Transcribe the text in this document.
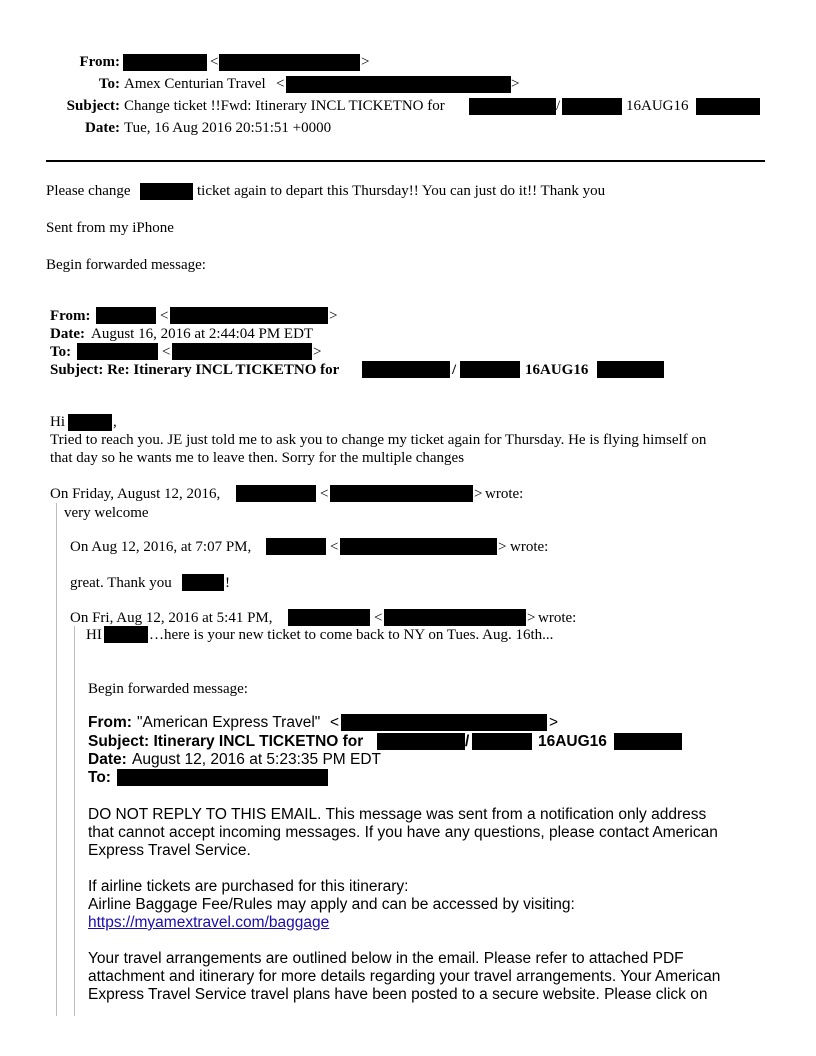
From:	<	>
To: Amex Centurian Travel <	>
Subject: Change ticket !!Fwd: Itinerary INCL TICKETNO for	/	16AUG16
Date: Tue, 16 Aug 2016 20:51:51 +0000
Please change	ticket again to depart this Thursday!! You can just do it!! Thank you
Sent from my iPhone
Begin forwarded message:
From:	<	>
Date: August 16, 2016 at 2:44:04 PM EDT
To:	<	>
Subject: Re: Itinerary INCL TICKETNO for	/	16AUG16
Hi	,
Tried to reach you. JE just told me to ask you to change my ticket again for Thursday. He is flying himself on
that day so he wants me to leave then. Sorry for the multiple changes
On Friday, August 12, 2016,	<	> wrote:
very welcome
On Aug 12, 2016, at 7:07 PM,	<	> wrote:
great. Thank you	!
On Fri, Aug 12, 2016 at 5:41 PM,	<	> wrote:
HI	…here is your new ticket to come back to NY on Tues. Aug. 16th...
Begin forwarded message:
From: "American Express Travel" <	>
Subject: Itinerary INCL TICKETNO for	/	16AUG16
Date: August 12, 2016 at 5:23:35 PM EDT
To:
DO NOT REPLY TO THIS EMAIL. This message was sent from a notification only address
that cannot accept incoming messages. If you have any questions, please contact American
Express Travel Service.
If airline tickets are purchased for this itinerary:
Airline Baggage Fee/Rules may apply and can be accessed by visiting:
https://myamextravel.com/baggage
Your travel arrangements are outlined below in the email. Please refer to attached PDF
attachment and itinerary for more details regarding your travel arrangements. Your American
Express Travel Service travel plans have been posted to a secure website. Please click on
